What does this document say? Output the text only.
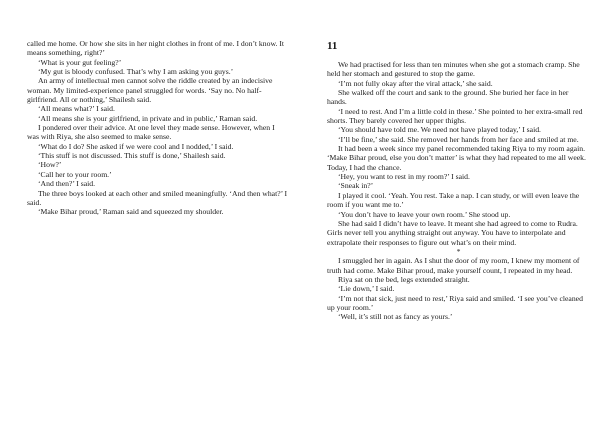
called me home. Or how she sits in her night clothes in front of me. I don’t know. It means something, right?’

‘What is your gut feeling?’

‘My gut is bloody confused. That’s why I am asking you guys.’

An army of intellectual men cannot solve the riddle created by an indecisive woman. My limited-experience panel struggled for words. ‘Say no. No half-girlfriend. All or nothing,’ Shailesh said.

‘All means what?’ I said.

‘All means she is your girlfriend, in private and in public,’ Raman said.

I pondered over their advice. At one level they made sense. However, when I was with Riya, she also seemed to make sense.

‘What do I do? She asked if we were cool and I nodded,’ I said.

‘This stuff is not discussed. This stuff is done,’ Shailesh said.

‘How?’

‘Call her to your room.’

‘And then?’ I said.

The three boys looked at each other and smiled meaningfully. ‘And then what?’ I said.

‘Make Bihar proud,’ Raman said and squeezed my shoulder.

11

We had practised for less than ten minutes when she got a stomach cramp. She held her stomach and gestured to stop the game.

‘I’m not fully okay after the viral attack,’ she said.

She walked off the court and sank to the ground. She buried her face in her hands.

‘I need to rest. And I’m a little cold in these.’ She pointed to her extra-small red shorts. They barely covered her upper thighs.

‘You should have told me. We need not have played today,’ I said.

‘I’ll be fine,’ she said. She removed her hands from her face and smiled at me.

It had been a week since my panel recommended taking Riya to my room again. ‘Make Bihar proud, else you don’t matter’ is what they had repeated to me all week. Today, I had the chance.

‘Hey, you want to rest in my room?’ I said.

‘Sneak in?’

I played it cool. ‘Yeah. You rest. Take a nap. I can study, or will even leave the room if you want me to.’

‘You don’t have to leave your own room.’ She stood up.

She had said I didn’t have to leave. It meant she had agreed to come to Rudra. Girls never tell you anything straight out anyway. You have to interpolate and extrapolate their responses to figure out what’s on their mind.

*

I smuggled her in again. As I shut the door of my room, I knew my moment of truth had come. Make Bihar proud, make yourself count, I repeated in my head.

Riya sat on the bed, legs extended straight.

‘Lie down,’ I said.

‘I’m not that sick, just need to rest,’ Riya said and smiled. ‘I see you’ve cleaned up your room.’

‘Well, it’s still not as fancy as yours.’
